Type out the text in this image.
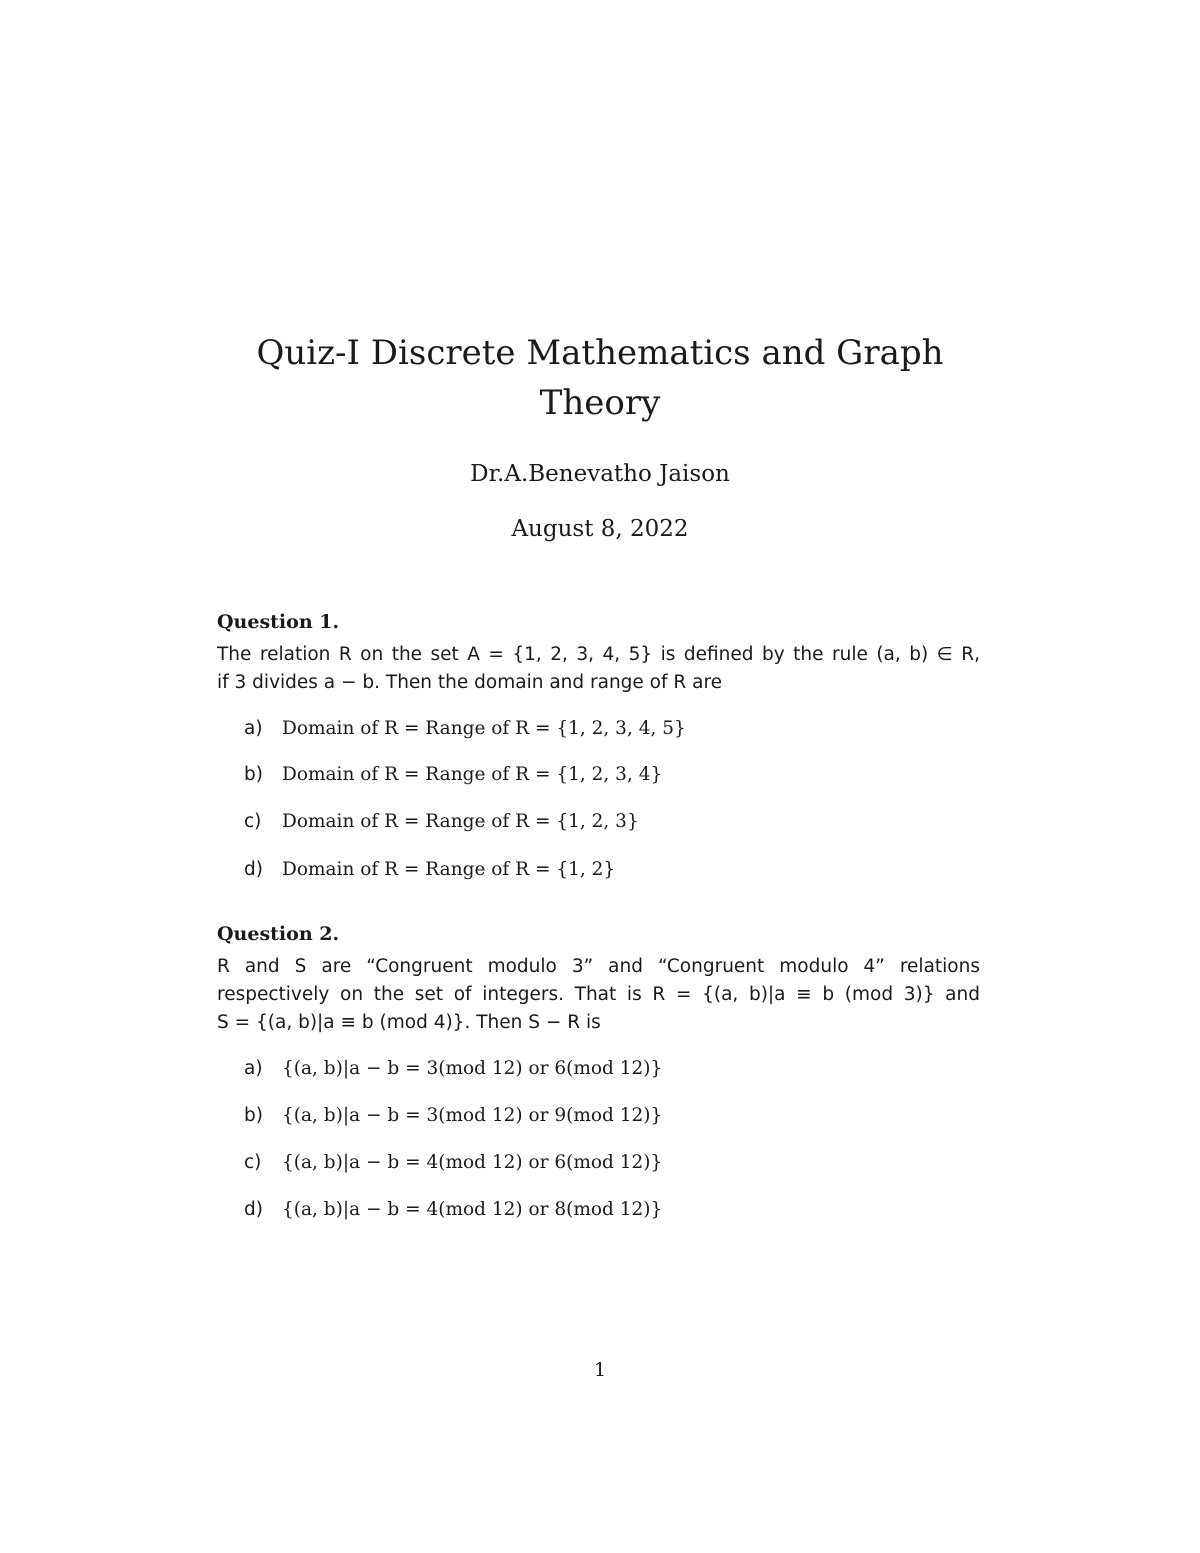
Quiz-I Discrete Mathematics and Graph
Theory
Dr.A.Benevatho Jaison
August 8, 2022
Question 1.
The relation R on the set A = {1, 2, 3, 4, 5} is defined by the rule (a, b) ∈ R,
if 3 divides a − b. Then the domain and range of R are
a) Domain of R = Range of R = {1, 2, 3, 4, 5}
b) Domain of R = Range of R = {1, 2, 3, 4}
c) Domain of R = Range of R = {1, 2, 3}
d) Domain of R = Range of R = {1, 2}
Question 2.
R and S are “Congruent modulo 3” and “Congruent modulo 4” relations
respectively on the set of integers. That is R = {(a, b)|a ≡ b (mod 3)} and
S = {(a, b)|a ≡ b (mod 4)}. Then S − R is
a) {(a, b)|a − b = 3(mod 12) or 6(mod 12)}
b) {(a, b)|a − b = 3(mod 12) or 9(mod 12)}
c) {(a, b)|a − b = 4(mod 12) or 6(mod 12)}
d) {(a, b)|a − b = 4(mod 12) or 8(mod 12)}
1
